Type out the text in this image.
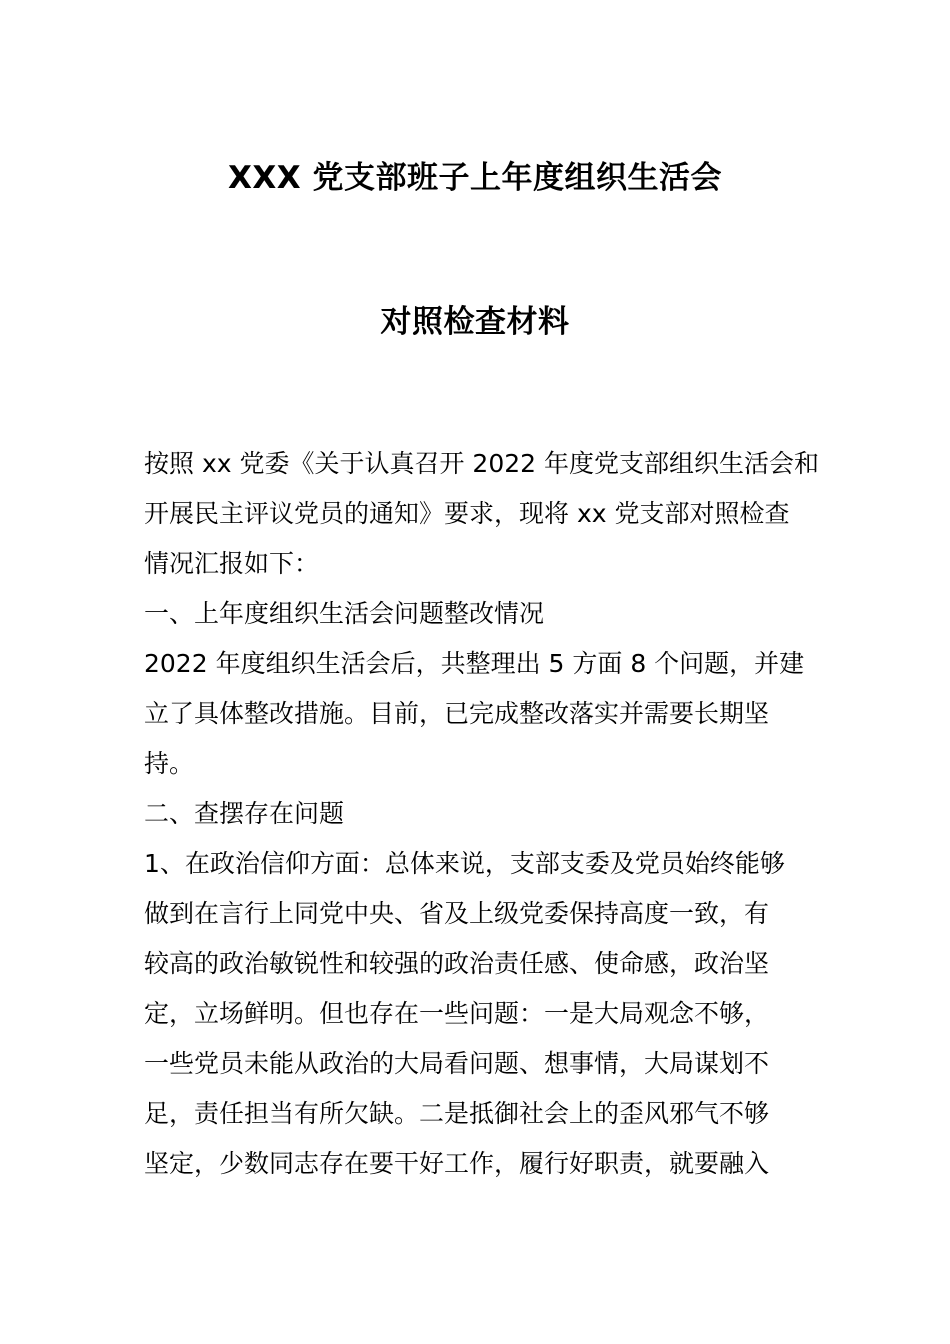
XXX 党支部班子上年度组织生活会
对照检查材料
按照 xx 党委《关于认真召开 2022 年度党支部组织生活会和
开展民主评议党员的通知》要求，现将 xx 党支部对照检查
情况汇报如下：
一、上年度组织生活会问题整改情况
2022 年度组织生活会后，共整理出 5 方面 8 个问题，并建
立了具体整改措施。目前，已完成整改落实并需要长期坚
持。
二、查摆存在问题
1、在政治信仰方面：总体来说，支部支委及党员始终能够
做到在言行上同党中央、省及上级党委保持高度一致，有
较高的政治敏锐性和较强的政治责任感、使命感，政治坚
定，立场鲜明。但也存在一些问题：一是大局观念不够，
一些党员未能从政治的大局看问题、想事情，大局谋划不
足，责任担当有所欠缺。二是抵御社会上的歪风邪气不够
坚定，少数同志存在要干好工作，履行好职责，就要融入
